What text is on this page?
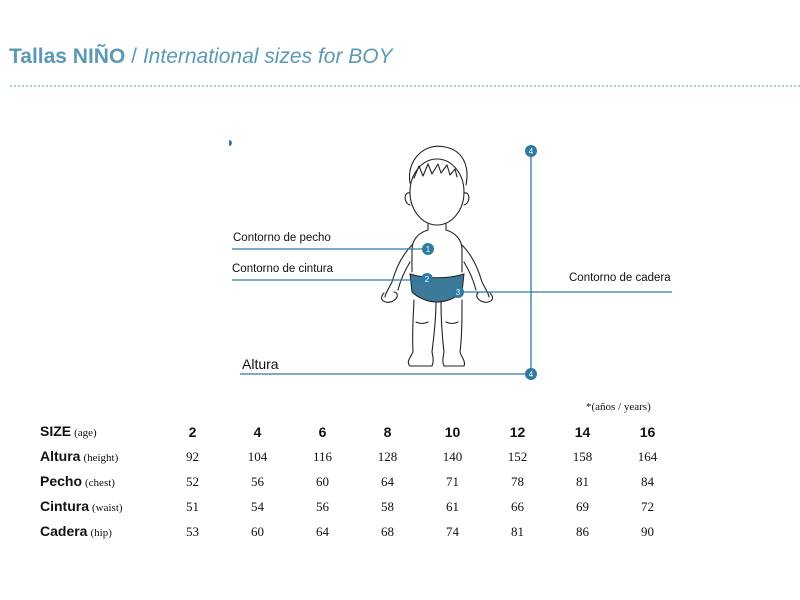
Tallas NIÑO / International sizes for BOY
1
2
3
4
4
Contorno de pecho
Contorno de cintura
Contorno de cadera
Altura
*(años / years)
SIZE (age)	2	4	6	8	10	12	14	16
Altura (height)	92	104	116	128	140	152	158	164
Pecho (chest)	52	56	60	64	71	78	81	84
Cintura (waist)	51	54	56	58	61	66	69	72
Cadera (hip)	53	60	64	68	74	81	86	90
